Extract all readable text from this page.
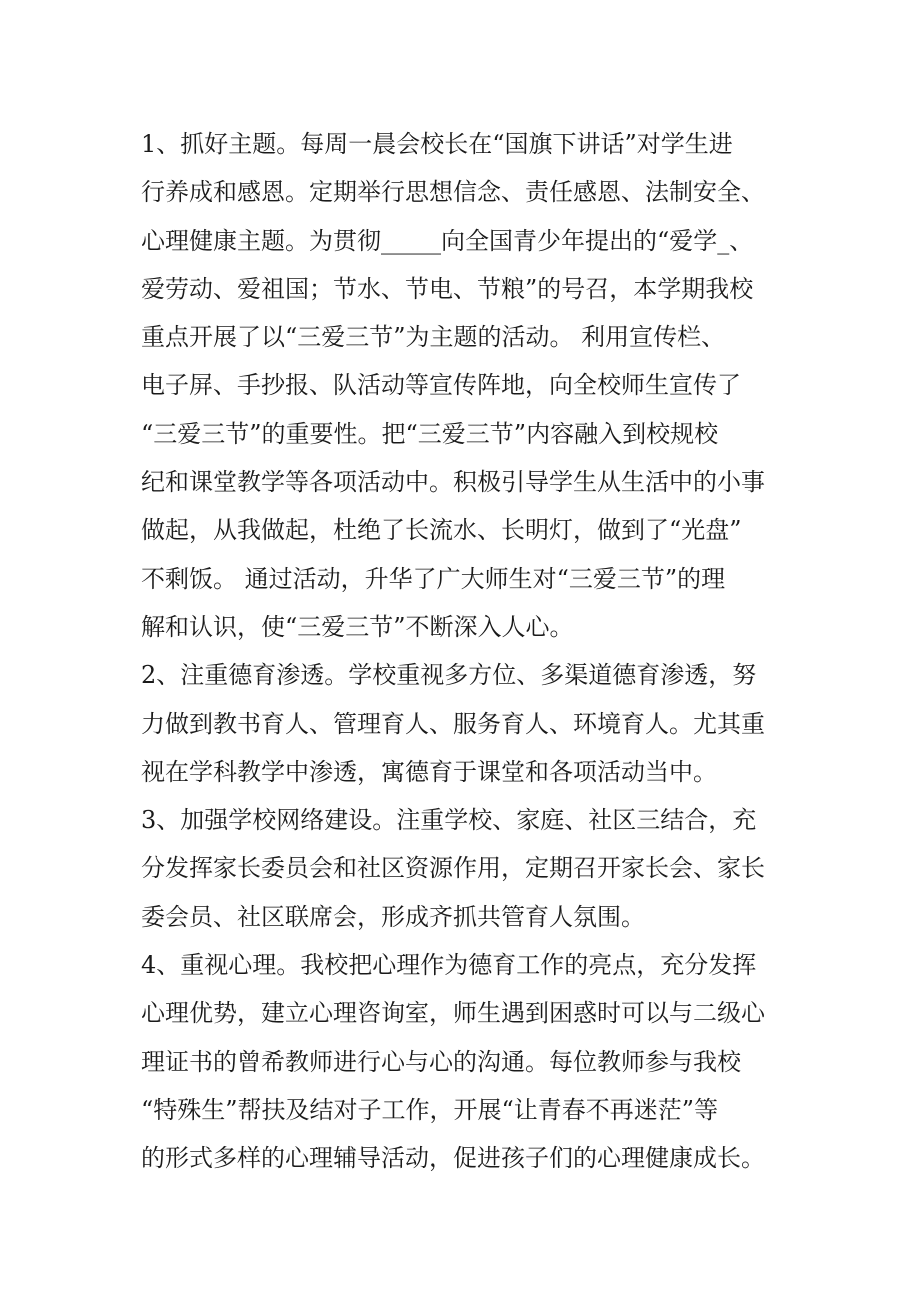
1、抓好主题。每周一晨会校长在“国旗下讲话”对学生进
行养成和感恩。定期举行思想信念、责任感恩、法制安全、
心理健康主题。为贯彻_____向全国青少年提出的“爱学_、
爱劳动、爱祖国；节水、节电、节粮”的号召，本学期我校
重点开展了以“三爱三节”为主题的活动。 利用宣传栏、
电子屏、手抄报、队活动等宣传阵地，向全校师生宣传了
“三爱三节”的重要性。把“三爱三节”内容融入到校规校
纪和课堂教学等各项活动中。积极引导学生从生活中的小事
做起，从我做起，杜绝了长流水、长明灯，做到了“光盘”
不剩饭。 通过活动，升华了广大师生对“三爱三节”的理
解和认识，使“三爱三节”不断深入人心。
2、注重德育渗透。学校重视多方位、多渠道德育渗透，努
力做到教书育人、管理育人、服务育人、环境育人。尤其重
视在学科教学中渗透，寓德育于课堂和各项活动当中。
3、加强学校网络建设。注重学校、家庭、社区三结合，充
分发挥家长委员会和社区资源作用，定期召开家长会、家长
委会员、社区联席会，形成齐抓共管育人氛围。
4、重视心理。我校把心理作为德育工作的亮点，充分发挥
心理优势，建立心理咨询室，师生遇到困惑时可以与二级心
理证书的曾希教师进行心与心的沟通。每位教师参与我校
“特殊生”帮扶及结对子工作，开展“让青春不再迷茫”等
的形式多样的心理辅导活动，促进孩子们的心理健康成长。
